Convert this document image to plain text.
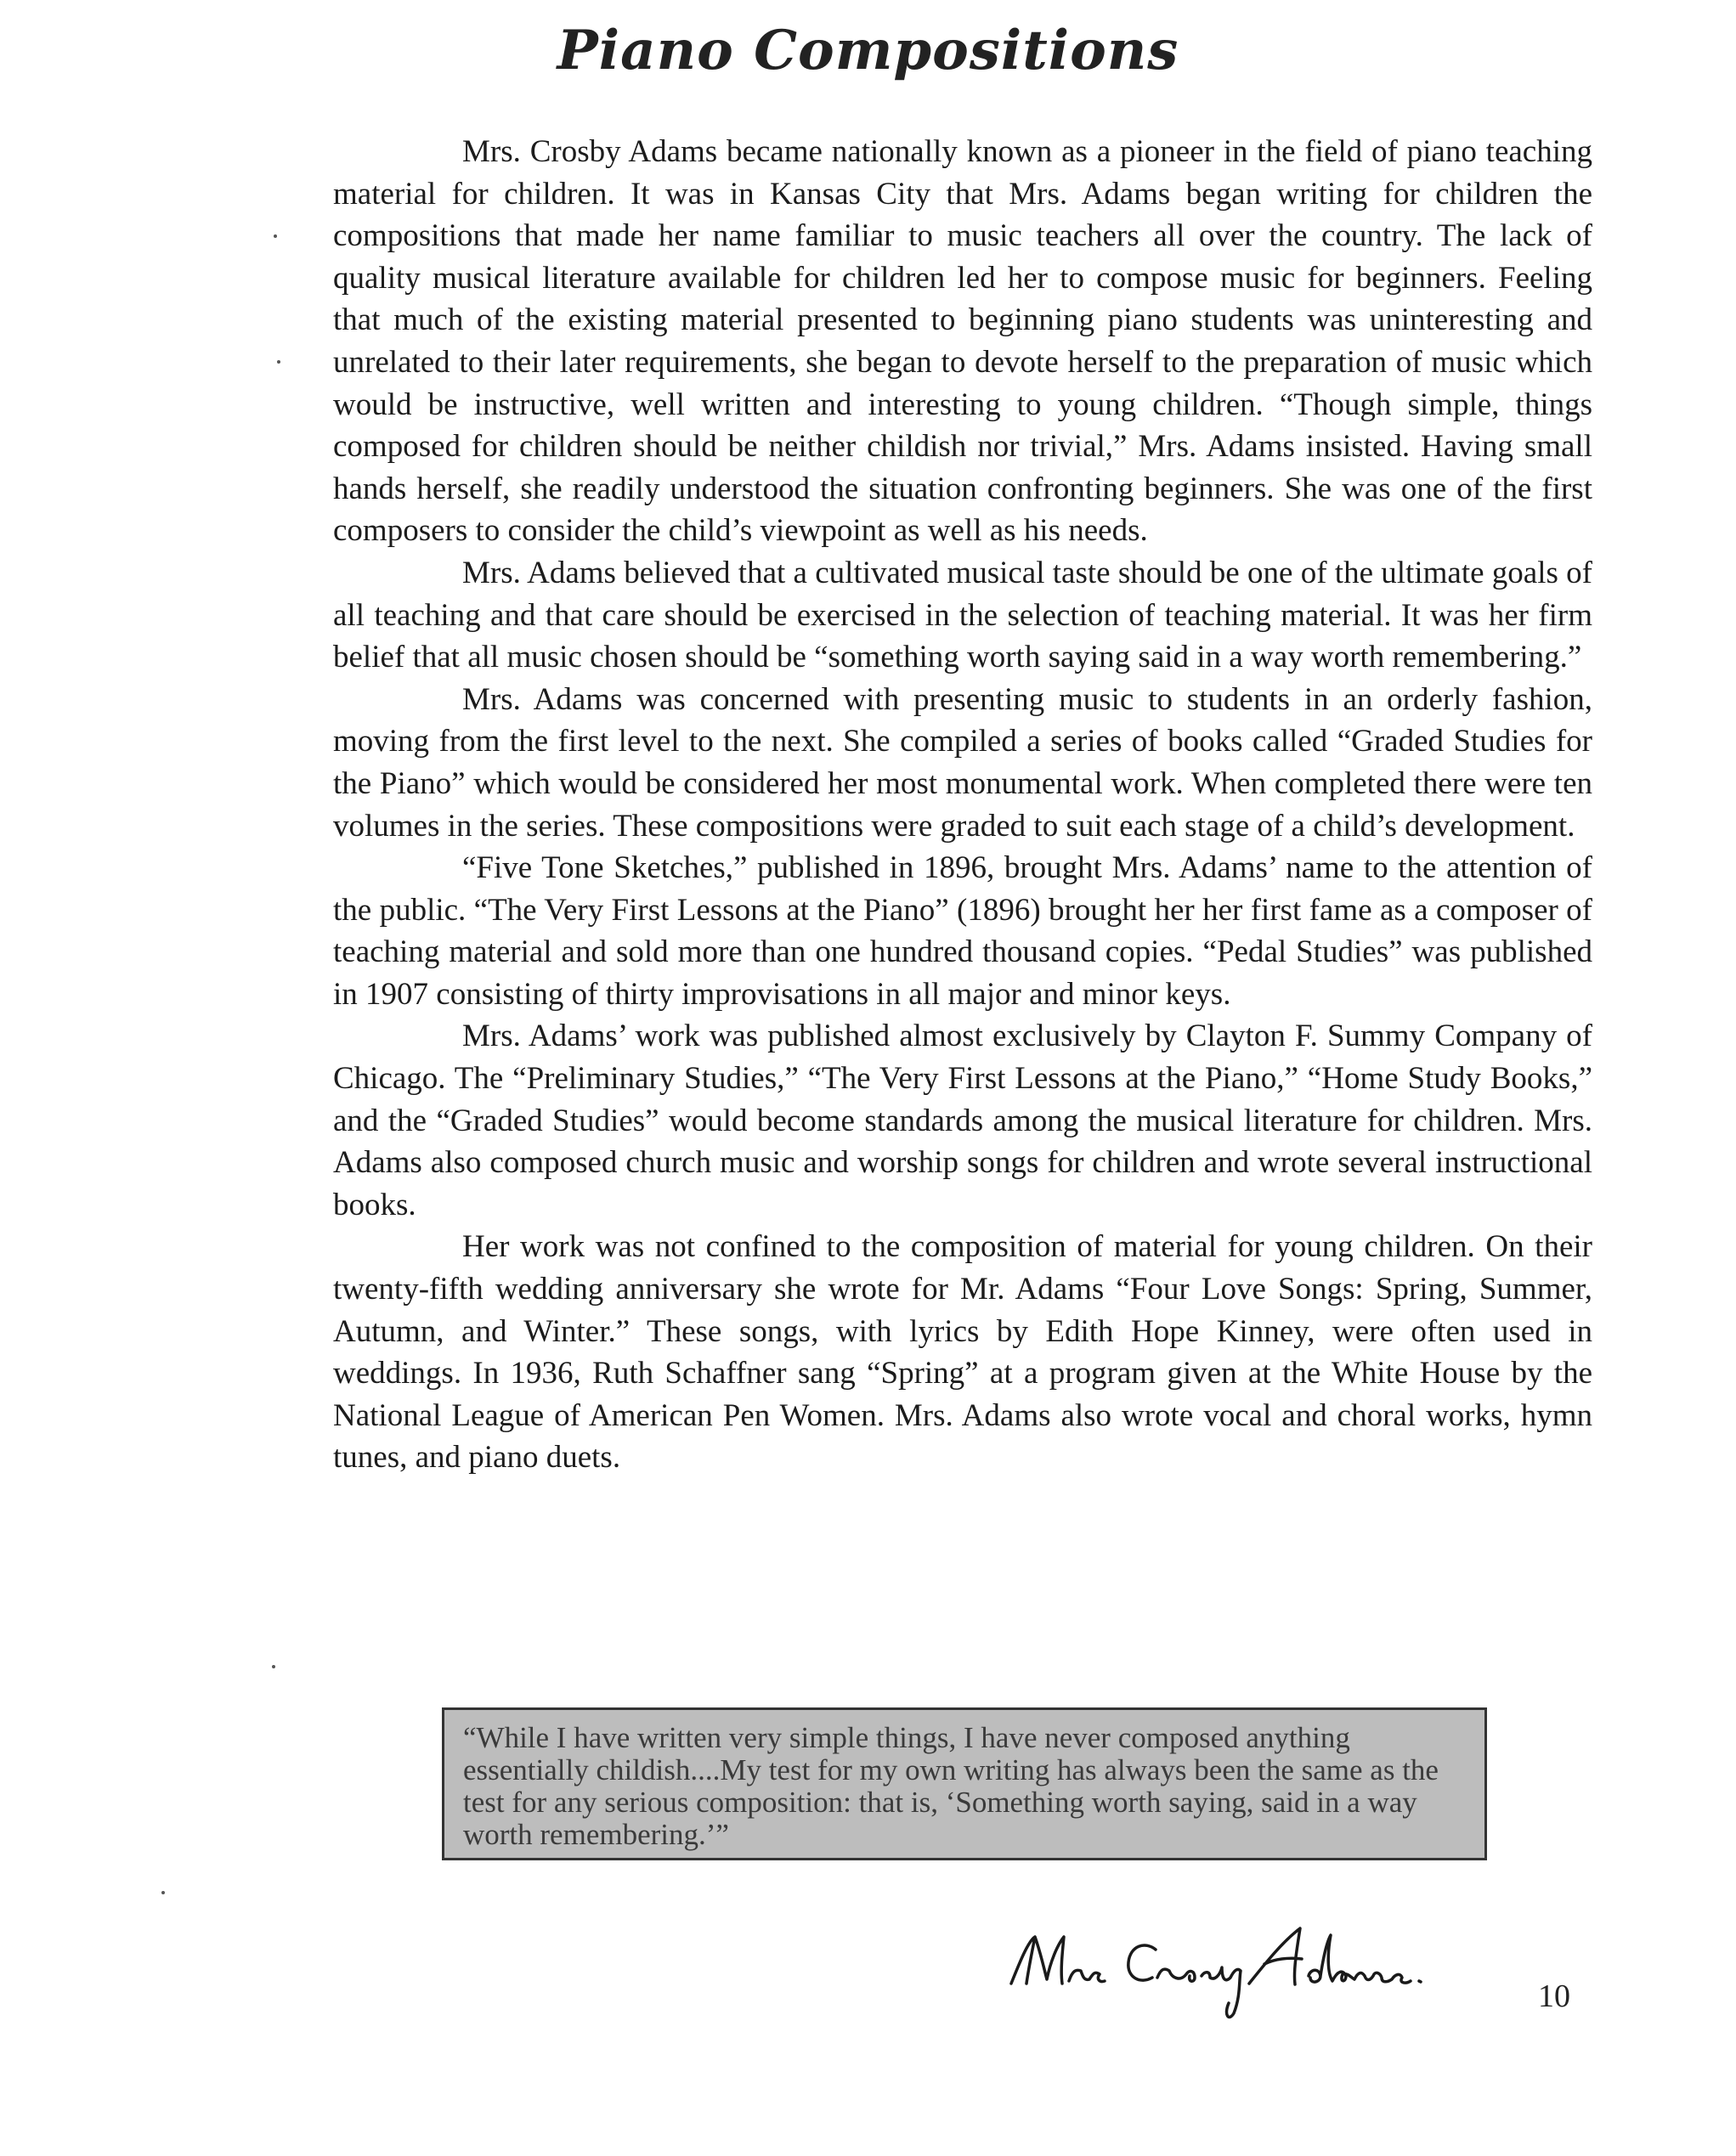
Piano Compositions

Mrs. Crosby Adams became nationally known as a pioneer in the field of piano teaching material for children. It was in Kansas City that Mrs. Adams began writing for children the compositions that made her name familiar to music teachers all over the country. The lack of quality musical literature available for children led her to compose music for beginners. Feeling that much of the existing material presented to beginning piano students was uninteresting and unrelated to their later requirements, she began to devote herself to the preparation of music which would be instructive, well written and interesting to young children. “Though simple, things composed for children should be neither childish nor trivial,” Mrs. Adams insisted. Having small hands herself, she readily understood the situation confronting beginners. She was one of the first composers to consider the child’s viewpoint as well as his needs.

Mrs. Adams believed that a cultivated musical taste should be one of the ultimate goals of all teaching and that care should be exercised in the selection of teaching material. It was her firm belief that all music chosen should be “something worth saying said in a way worth remembering.”

Mrs. Adams was concerned with presenting music to students in an orderly fashion, moving from the first level to the next. She compiled a series of books called “Graded Studies for the Piano” which would be considered her most monumental work. When completed there were ten volumes in the series. These compositions were graded to suit each stage of a child’s development.

“Five Tone Sketches,” published in 1896, brought Mrs. Adams’ name to the attention of the public. “The Very First Lessons at the Piano” (1896) brought her her first fame as a composer of teaching material and sold more than one hundred thousand copies. “Pedal Studies” was published in 1907 consisting of thirty improvisations in all major and minor keys.

Mrs. Adams’ work was published almost exclusively by Clayton F. Summy Company of Chicago. The “Preliminary Studies,” “The Very First Lessons at the Piano,” “Home Study Books,” and the “Graded Studies” would become standards among the musical literature for children. Mrs. Adams also composed church music and worship songs for children and wrote several instructional books.

Her work was not confined to the composition of material for young children. On their twenty-fifth wedding anniversary she wrote for Mr. Adams “Four Love Songs: Spring, Summer, Autumn, and Winter.” These songs, with lyrics by Edith Hope Kinney, were often used in weddings. In 1936, Ruth Schaffner sang “Spring” at a program given at the White House by the National League of American Pen Women. Mrs. Adams also wrote vocal and choral works, hymn tunes, and piano duets.

“While I have written very simple things, I have never composed anything essentially childish....My test for my own writing has always been the same as the test for any serious composition: that is, ‘Something worth saying, said in a way worth remembering.’”

10
